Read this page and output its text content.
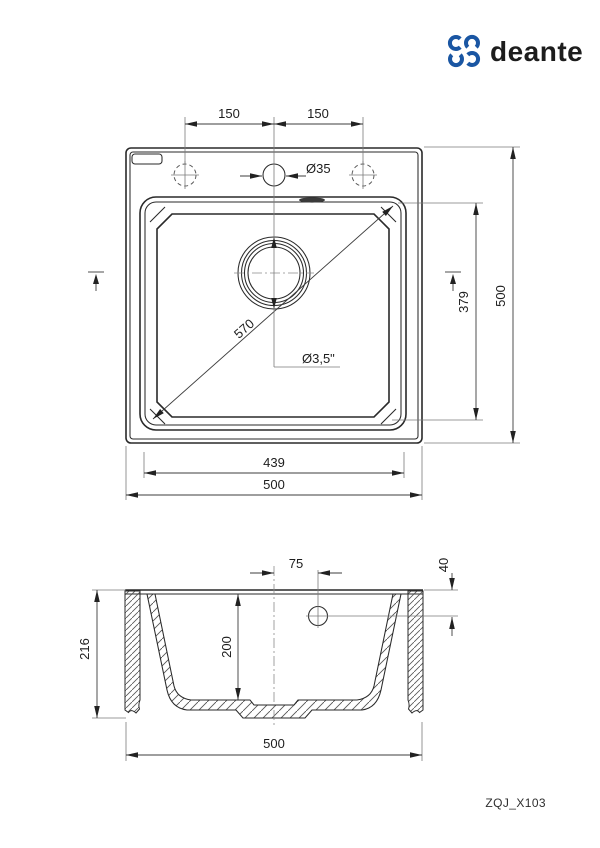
deante
570
Ø3,5"
150	150
Ø35
379 500
439
500
75	40
200
216
500
ZQJ_X103
